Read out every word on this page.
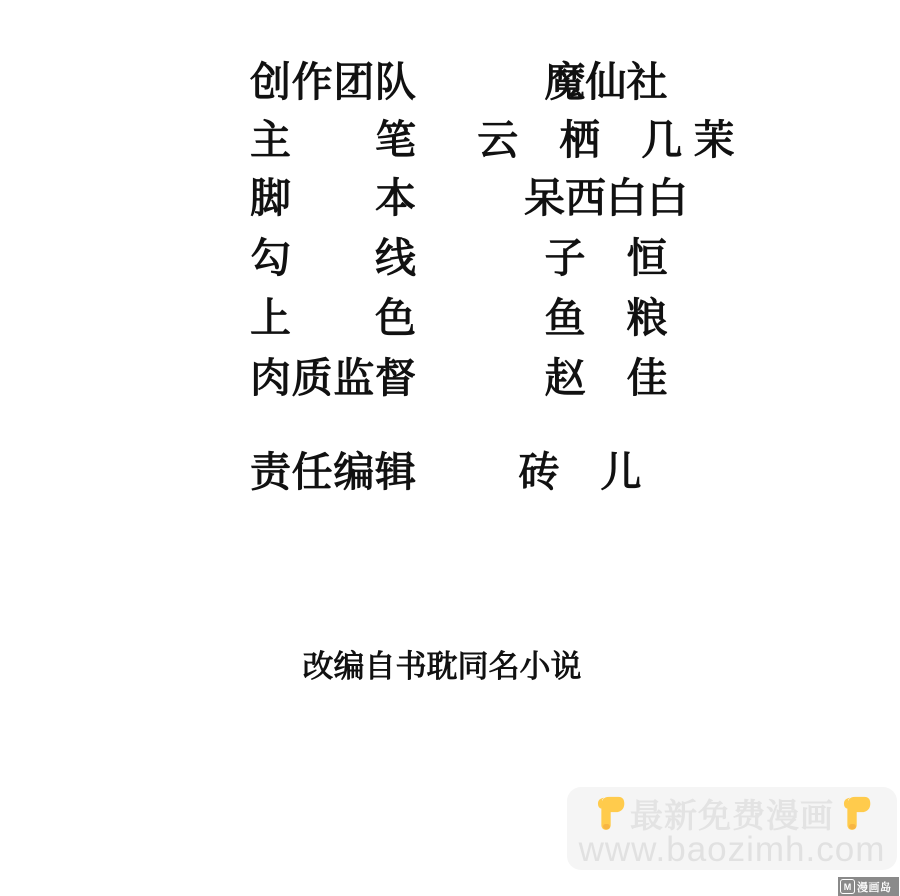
创作团队	魔仙社
主笔	云　栖　几 茉
脚本	呆西白白
勾线	子　恒
上色	鱼　粮
肉质监督	赵　佳
责任编辑	砖　儿
改编自书耽同名小说
最新免费漫画
www.baozimh.com
M 漫画岛
